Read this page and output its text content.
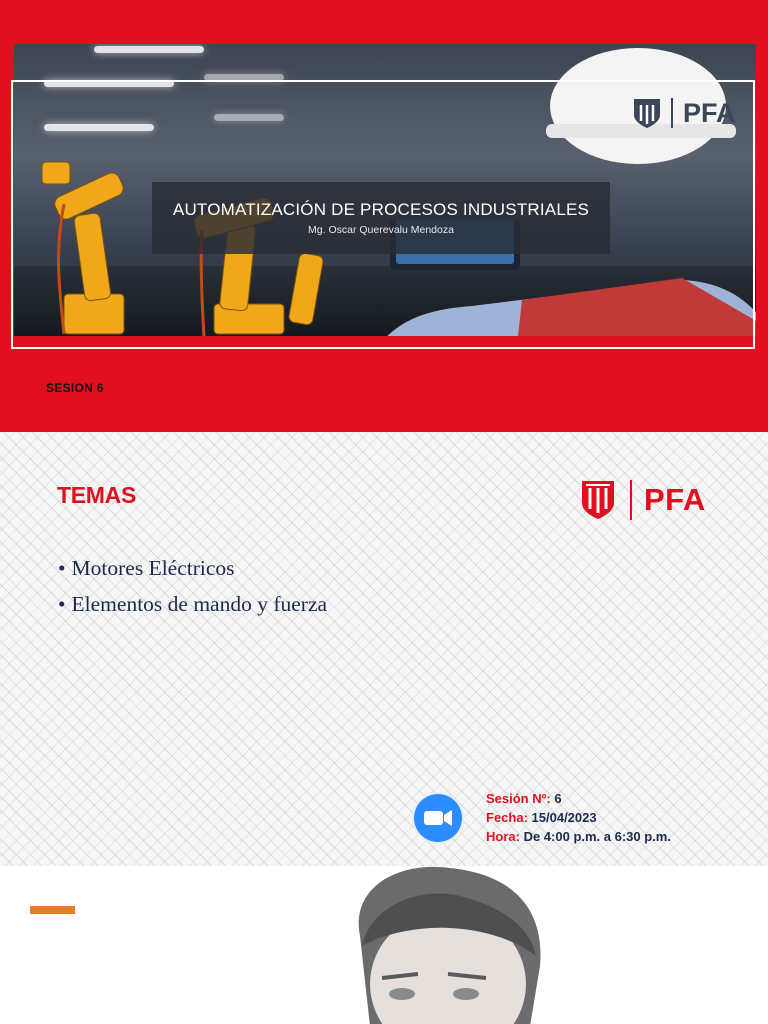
PFA
AUTOMATIZACIÓN DE PROCESOS INDUSTRIALES
Mg. Oscar Querevalu Mendoza
SESION 6
TEMAS	PFA
• Motores Eléctricos
• Elementos de mando y fuerza
Sesión Nº: 6
Fecha: 15/04/2023
Hora: De 4:00 p.m. a 6:30 p.m.
